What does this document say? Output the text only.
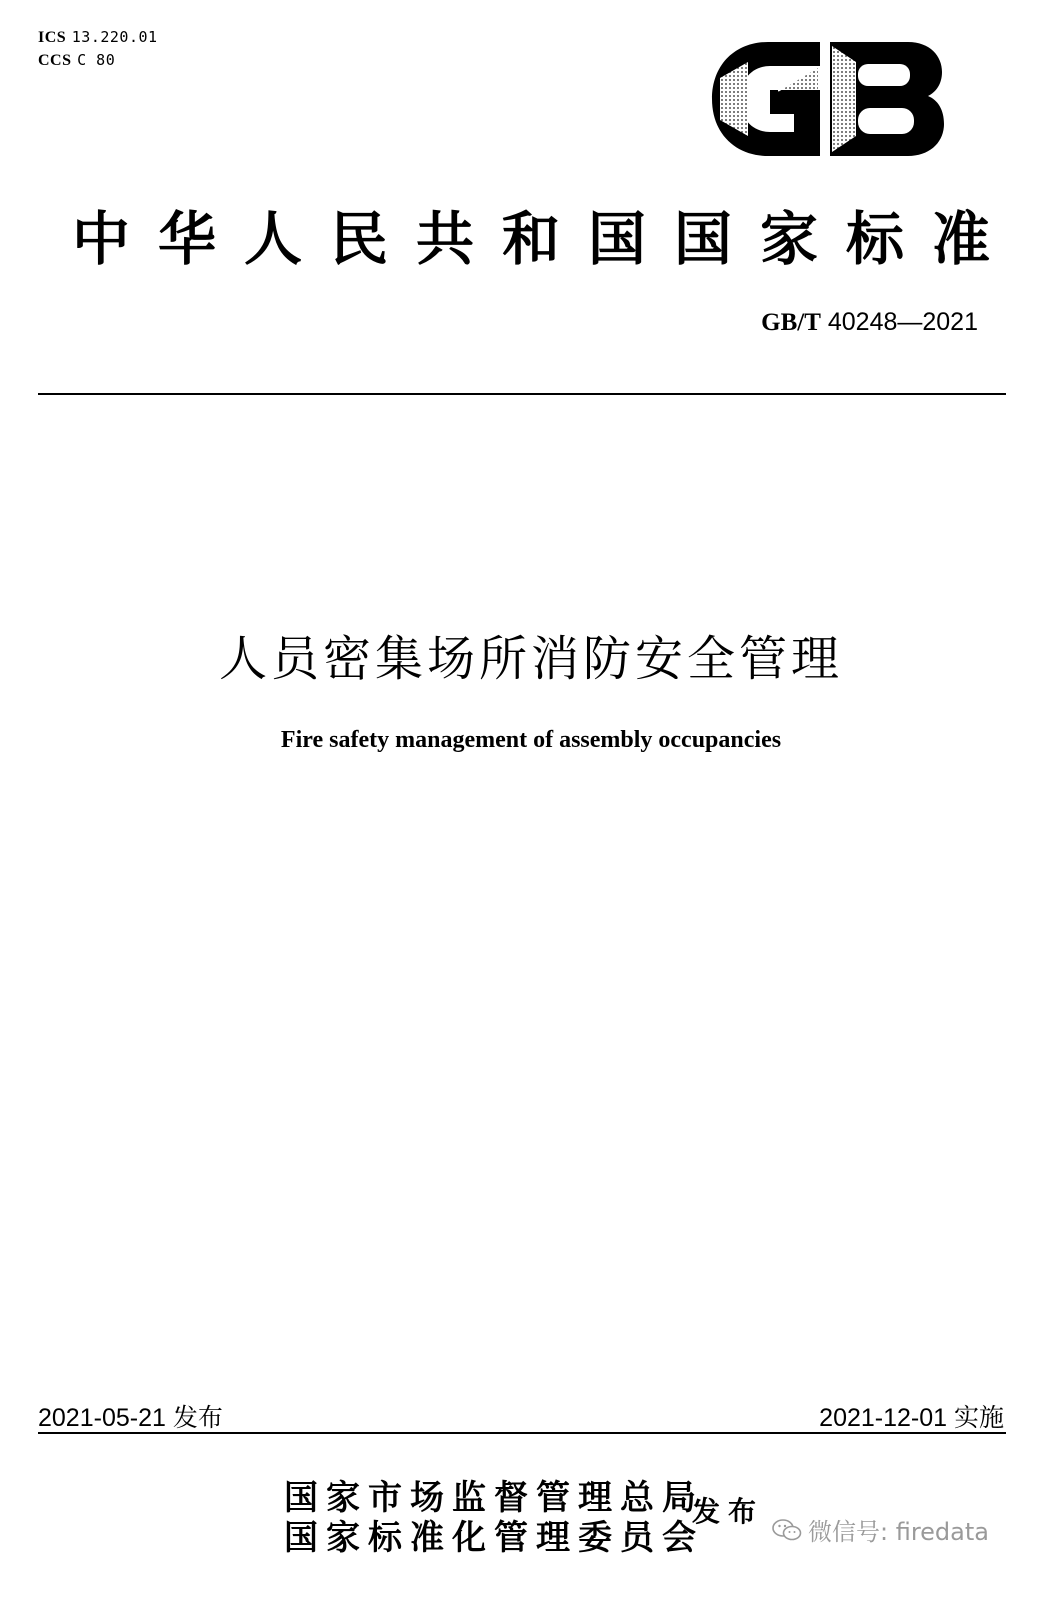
ICS 13.220.01
CCS C 80
中华人民共和国国家标准
GB/T 40248—2021
人员密集场所消防安全管理
Fire safety management of assembly occupancies
2021-05-21 发布	2021-12-01 实施
国家市场监督管理总局
国家标准化管理委员会
发布
微信号: firedata
